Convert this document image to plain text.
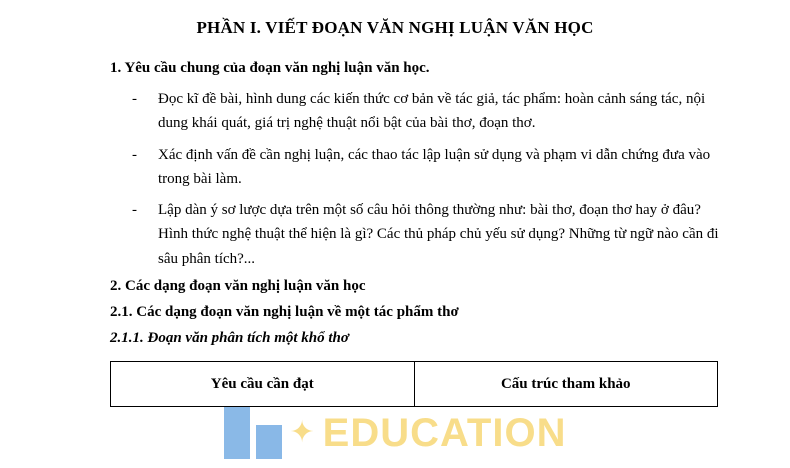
✦ EDUCATION
PHẦN I. VIẾT ĐOẠN VĂN NGHỊ LUẬN VĂN HỌC
1. Yêu cầu chung của đoạn văn nghị luận văn học.
- Đọc kĩ đề bài, hình dung các kiến thức cơ bản về tác giả, tác phẩm: hoàn cảnh sáng tác, nội dung khái quát, giá trị nghệ thuật nổi bật của bài thơ, đoạn thơ.
- Xác định vấn đề cần nghị luận, các thao tác lập luận sử dụng và phạm vi dẫn chứng đưa vào trong bài làm.
- Lập dàn ý sơ lược dựa trên một số câu hỏi thông thường như: bài thơ, đoạn thơ hay ở đâu? Hình thức nghệ thuật thể hiện là gì? Các thủ pháp chủ yếu sử dụng? Những từ ngữ nào cần đi sâu phân tích?...
2. Các dạng đoạn văn nghị luận văn học
2.1. Các dạng đoạn văn nghị luận về một tác phẩm thơ
2.1.1. Đoạn văn phân tích một khổ thơ
Yêu cầu cần đạt	Cấu trúc tham khảo
